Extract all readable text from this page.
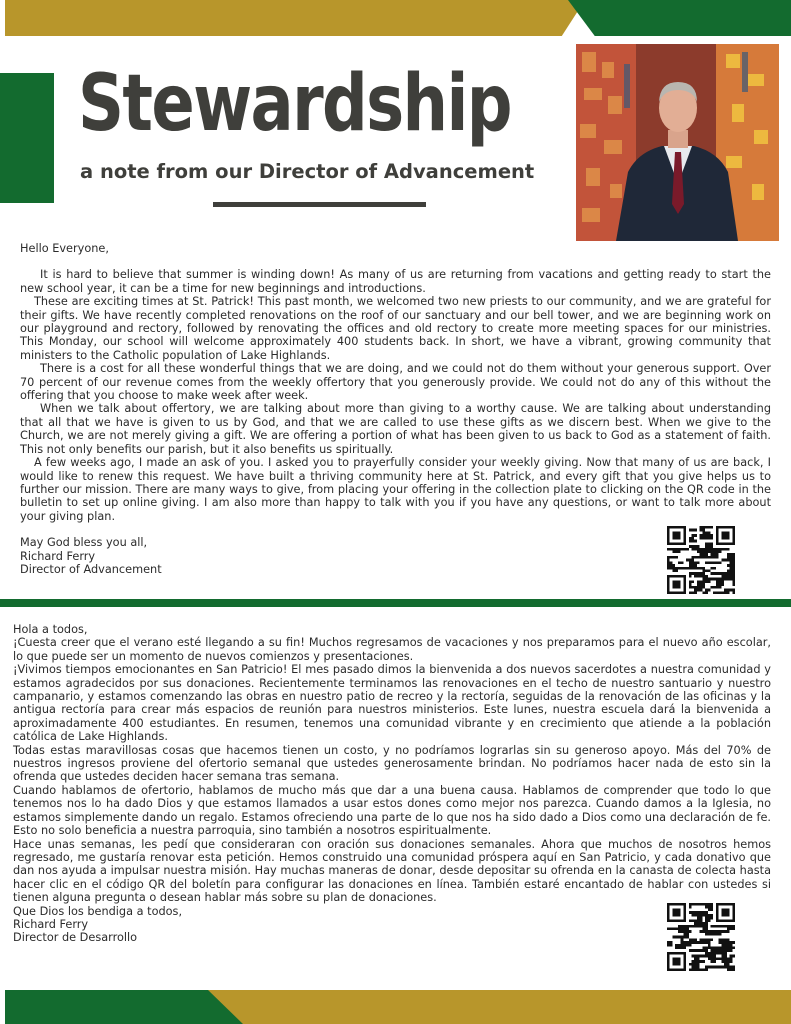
Stewardship
a note from our Director of Advancement

Hello Everyone,

It is hard to believe that summer is winding down! As many of us are returning from vacations and getting ready to start the new school year, it can be a time for new beginnings and introductions.

These are exciting times at St. Patrick! This past month, we welcomed two new priests to our community, and we are grateful for their gifts. We have recently completed renovations on the roof of our sanctuary and our bell tower, and we are beginning work on our playground and rectory, followed by renovating the offices and old rectory to create more meeting spaces for our ministries. This Monday, our school will welcome approximately 400 students back. In short, we have a vibrant, growing community that ministers to the Catholic population of Lake Highlands.

There is a cost for all these wonderful things that we are doing, and we could not do them without your generous support. Over 70 percent of our revenue comes from the weekly offertory that you generously provide. We could not do any of this without the offering that you choose to make week after week.

When we talk about offertory, we are talking about more than giving to a worthy cause. We are talking about understanding that all that we have is given to us by God, and that we are called to use these gifts as we discern best. When we give to the Church, we are not merely giving a gift. We are offering a portion of what has been given to us back to God as a statement of faith. This not only benefits our parish, but it also benefits us spiritually.

A few weeks ago, I made an ask of you. I asked you to prayerfully consider your weekly giving. Now that many of us are back, I would like to renew this request. We have built a thriving community here at St. Patrick, and every gift that you give helps us to further our mission. There are many ways to give, from placing your offering in the collection plate to clicking on the QR code in the bulletin to set up online giving. I am also more than happy to talk with you if you have any questions, or want to talk more about your giving plan.

May God bless you all,

Richard Ferry

Director of Advancement

Hola a todos,

¡Cuesta creer que el verano esté llegando a su fin! Muchos regresamos de vacaciones y nos preparamos para el nuevo año escolar, lo que puede ser un momento de nuevos comienzos y presentaciones.

¡Vivimos tiempos emocionantes en San Patricio! El mes pasado dimos la bienvenida a dos nuevos sacerdotes a nuestra comunidad y estamos agradecidos por sus donaciones. Recientemente terminamos las renovaciones en el techo de nuestro santuario y nuestro campanario, y estamos comenzando las obras en nuestro patio de recreo y la rectoría, seguidas de la renovación de las oficinas y la antigua rectoría para crear más espacios de reunión para nuestros ministerios. Este lunes, nuestra escuela dará la bienvenida a aproximadamente 400 estudiantes. En resumen, tenemos una comunidad vibrante y en crecimiento que atiende a la población católica de Lake Highlands.

Todas estas maravillosas cosas que hacemos tienen un costo, y no podríamos lograrlas sin su generoso apoyo. Más del 70% de nuestros ingresos proviene del ofertorio semanal que ustedes generosamente brindan. No podríamos hacer nada de esto sin la ofrenda que ustedes deciden hacer semana tras semana.

Cuando hablamos de ofertorio, hablamos de mucho más que dar a una buena causa. Hablamos de comprender que todo lo que tenemos nos lo ha dado Dios y que estamos llamados a usar estos dones como mejor nos parezca. Cuando damos a la Iglesia, no estamos simplemente dando un regalo. Estamos ofreciendo una parte de lo que nos ha sido dado a Dios como una declaración de fe. Esto no solo beneficia a nuestra parroquia, sino también a nosotros espiritualmente.

Hace unas semanas, les pedí que consideraran con oración sus donaciones semanales. Ahora que muchos de nosotros hemos regresado, me gustaría renovar esta petición. Hemos construido una comunidad próspera aquí en San Patricio, y cada donativo que dan nos ayuda a impulsar nuestra misión. Hay muchas maneras de donar, desde depositar su ofrenda en la canasta de colecta hasta hacer clic en el código QR del boletín para configurar las donaciones en línea. También estaré encantado de hablar con ustedes si tienen alguna pregunta o desean hablar más sobre su plan de donaciones.

Que Dios los bendiga a todos,

Richard Ferry

Director de Desarrollo
